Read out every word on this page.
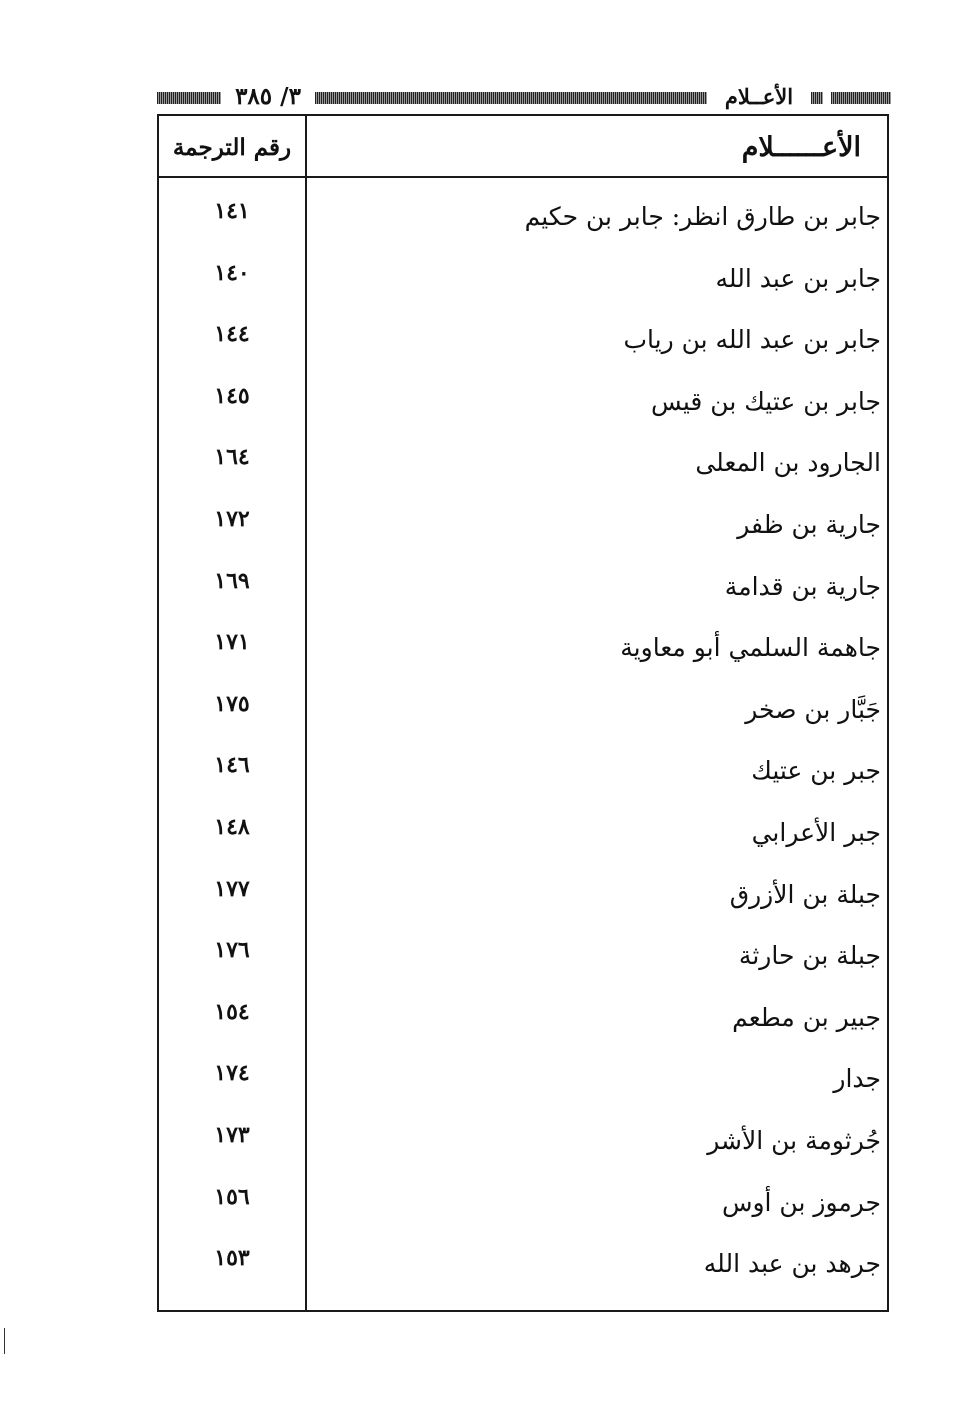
٣/ ٣٨٥	الأعــلام
رقم الترجمة	الأعــــــلام
١٤١	جابر بن طارق انظر: جابر بن حكيم
١٤٠	جابر بن عبد الله
١٤٤	جابر بن عبد الله بن رياب
١٤٥	جابر بن عتيك بن قيس
١٦٤	الجارود بن المعلى
١٧٢	جارية بن ظفر
١٦٩	جارية بن قدامة
١٧١	جاهمة السلمي أبو معاوية
١٧٥	جَبَّار بن صخر
١٤٦	جبر بن عتيك
١٤٨	جبر الأعرابي
١٧٧	جبلة بن الأزرق
١٧٦	جبلة بن حارثة
١٥٤	جبير بن مطعم
١٧٤	جدار
١٧٣	جُرثومة بن الأشر
١٥٦	جرموز بن أوس
١٥٣	جرهد بن عبد الله
